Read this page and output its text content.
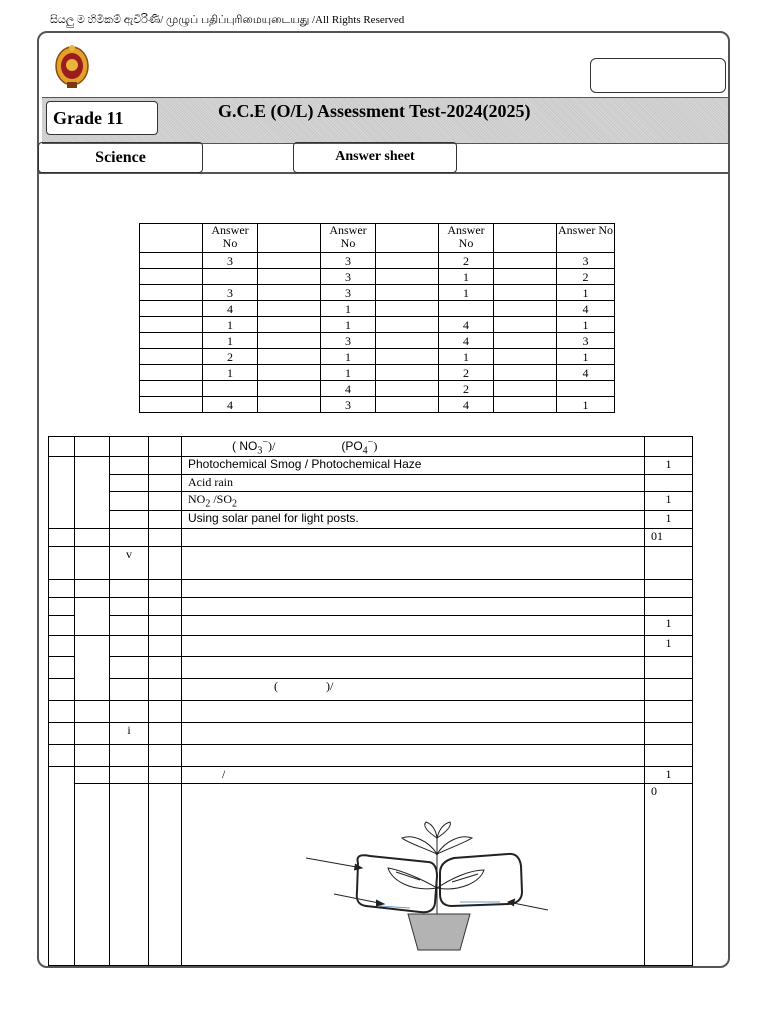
සියලු ම හිමිකම් ඇවිරිණි/ முழுப் பதிப்புரிமையுடையது /All Rights Reserved
Grade 11	G.C.E (O/L) Assessment Test-2024(2025)
Science	Answer sheet
	Answer No		Answer No		Answer No		Answer No
	3		3		2		3
			3		1		2
	3		3		1		1
	4		1				4
	1		1		4		1
	1		3		4		3
	2		1		1		1
	1		1		2		4
			4		2		
	4		3		4		1
				( $NO_3^-)/$ $(PO_4^-)$	
				Photochemical Smog / Photochemical Haze	1
				Acid rain	
				$NO_2$ $/SO_2$	1
				Using solar panel for light posts.	1
					01
		v			

					1
					1

				( )/	

		i			

				/	1
					0
